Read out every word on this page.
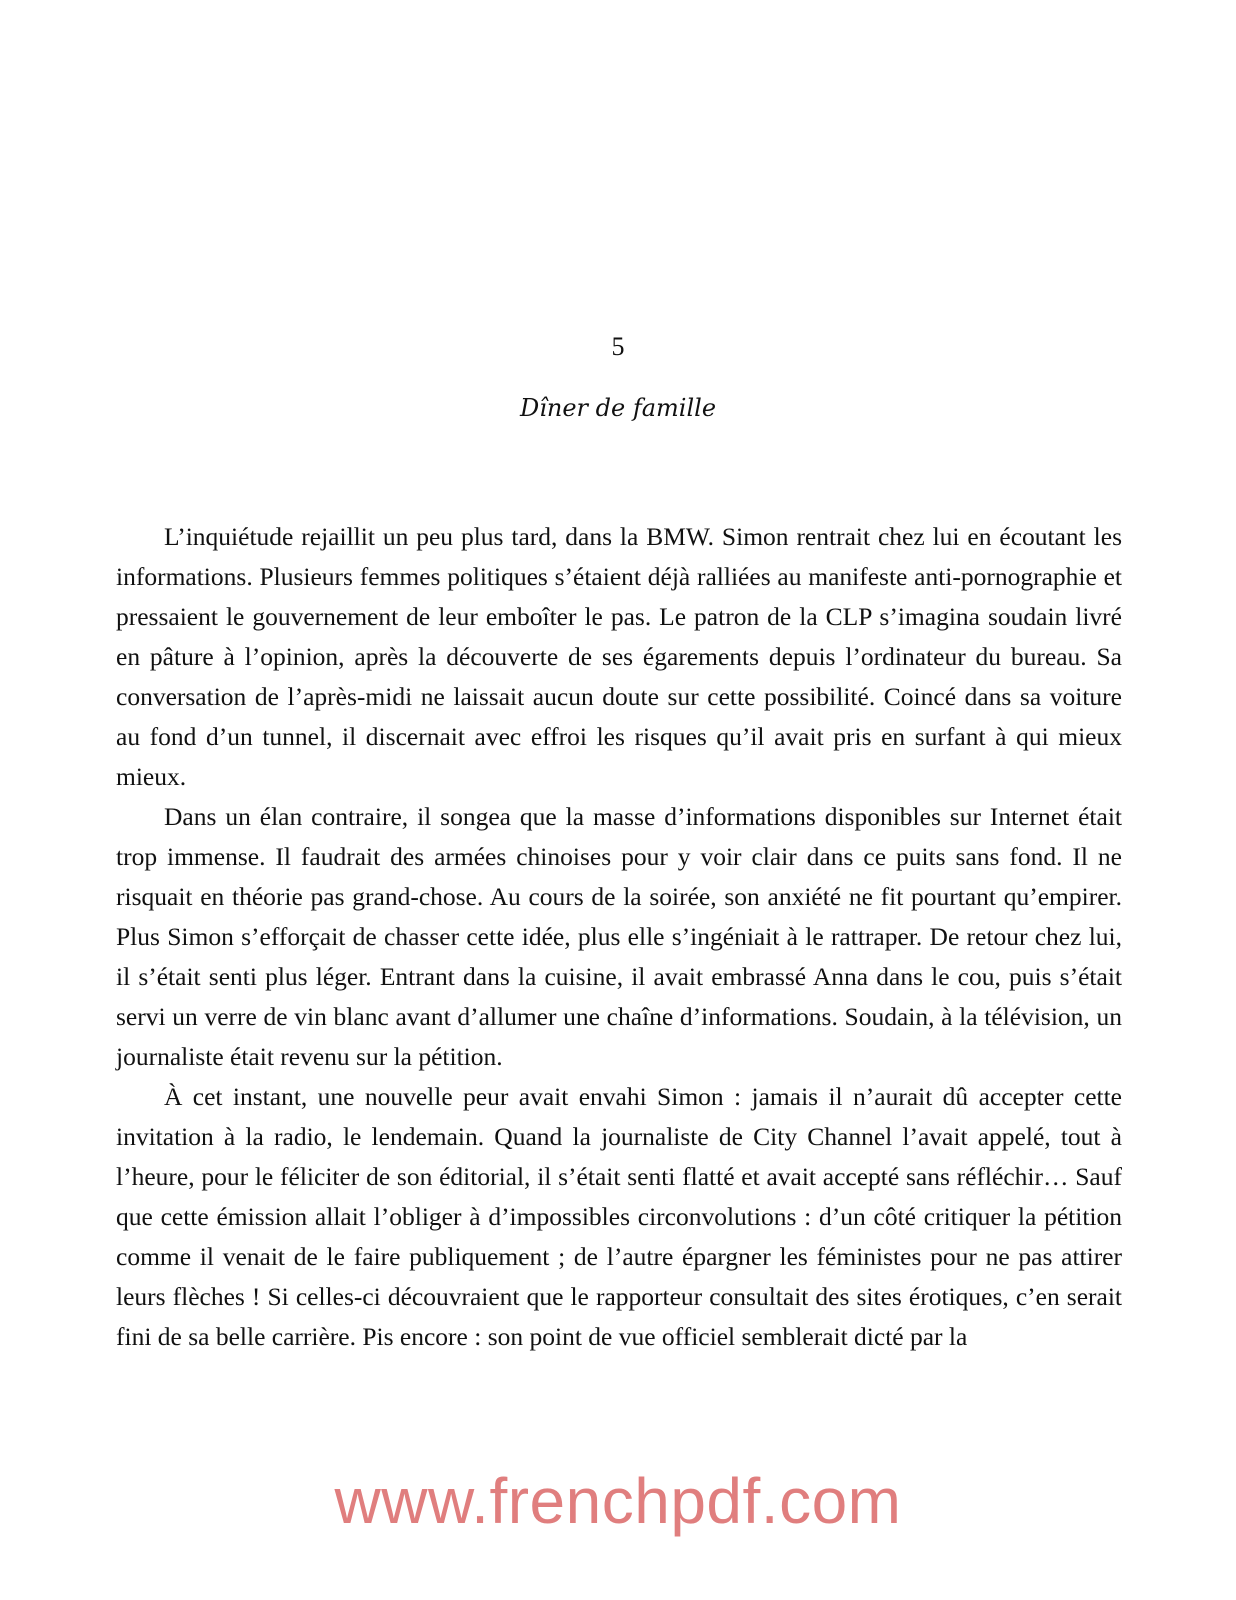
5
Dîner de famille

L’inquiétude rejaillit un peu plus tard, dans la BMW. Simon rentrait chez lui en écoutant les informations. Plusieurs femmes politiques s’étaient déjà ralliées au manifeste anti-pornographie et pressaient le gouvernement de leur emboîter le pas. Le patron de la CLP s’imagina soudain livré en pâture à l’opinion, après la découverte de ses égarements depuis l’ordinateur du bureau. Sa conversation de l’après-midi ne laissait aucun doute sur cette possibilité. Coincé dans sa voiture au fond d’un tunnel, il discernait avec effroi les risques qu’il avait pris en surfant à qui mieux mieux.

Dans un élan contraire, il songea que la masse d’informations disponibles sur Internet était trop immense. Il faudrait des armées chinoises pour y voir clair dans ce puits sans fond. Il ne risquait en théorie pas grand-chose. Au cours de la soirée, son anxiété ne fit pourtant qu’empirer. Plus Simon s’efforçait de chasser cette idée, plus elle s’ingéniait à le rattraper. De retour chez lui, il s’était senti plus léger. Entrant dans la cuisine, il avait embrassé Anna dans le cou, puis s’était servi un verre de vin blanc avant d’allumer une chaîne d’informations. Soudain, à la télévision, un journaliste était revenu sur la pétition.

À cet instant, une nouvelle peur avait envahi Simon : jamais il n’aurait dû accepter cette invitation à la radio, le lendemain. Quand la journaliste de City Channel l’avait appelé, tout à l’heure, pour le féliciter de son éditorial, il s’était senti flatté et avait accepté sans réfléchir… Sauf que cette émission allait l’obliger à d’impossibles circonvolutions : d’un côté critiquer la pétition comme il venait de le faire publiquement ; de l’autre épargner les féministes pour ne pas attirer leurs flèches ! Si celles-ci découvraient que le rapporteur consultait des sites érotiques, c’en serait fini de sa belle carrière. Pis encore : son point de vue officiel semblerait dicté par la

www.frenchpdf.com
